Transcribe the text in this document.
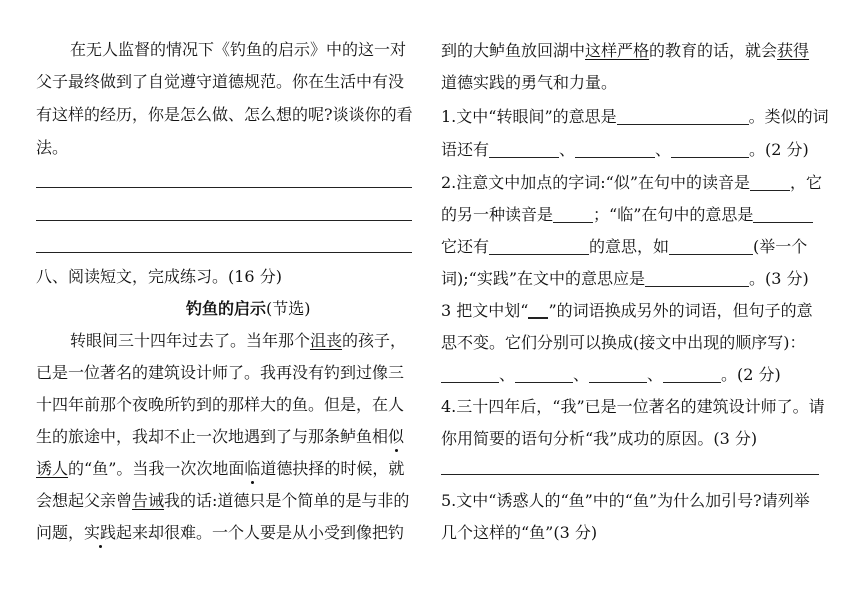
在无人监督的情况下《钓鱼的启示》中的这一对
父子最终做到了自觉遵守道德规范。你在生活中有没
有这样的经历，你是怎么做、怎么想的呢?谈谈你的看
法。
八、阅读短文，完成练习。(16 分)
钓鱼的启示(节选)
转眼间三十四年过去了。当年那个沮丧的孩子，
已是一位著名的建筑设计师了。我再没有钓到过像三
十四年前那个夜晚所钓到的那样大的鱼。但是，在人
生的旅途中，我却不止一次地遇到了与那条鲈鱼相似
诱人的“鱼”。当我一次次地面临道德抉择的时候，就
会想起父亲曾告诫我的话:道德只是个简单的是与非的
问题，实践起来却很难。一个人要是从小受到像把钓
到的大鲈鱼放回湖中这样严格的教育的话，就会获得
道德实践的勇气和力量。
1.文中“转眼间”的意思是	。类似的词
语还有	、	、	。(2 分)
2.注意文中加点的字词:“似”在句中的读音是	，它
的另一种读音是	；“临”在句中的意思是
它还有	的意思，如	(举一个
词);“实践”在文中的意思应是	。(3 分)
3 把文中划“ ”的词语换成另外的词语，但句子的意
思不变。它们分别可以换成(接文中出现的顺序写)：
、	、	、	。(2 分)
4.三十四年后，“我”已是一位著名的建筑设计师了。请
你用简要的语句分析“我”成功的原因。(3 分)
5.文中“诱惑人的“鱼”中的“鱼”为什么加引号?请列举
几个这样的“鱼”(3 分)
